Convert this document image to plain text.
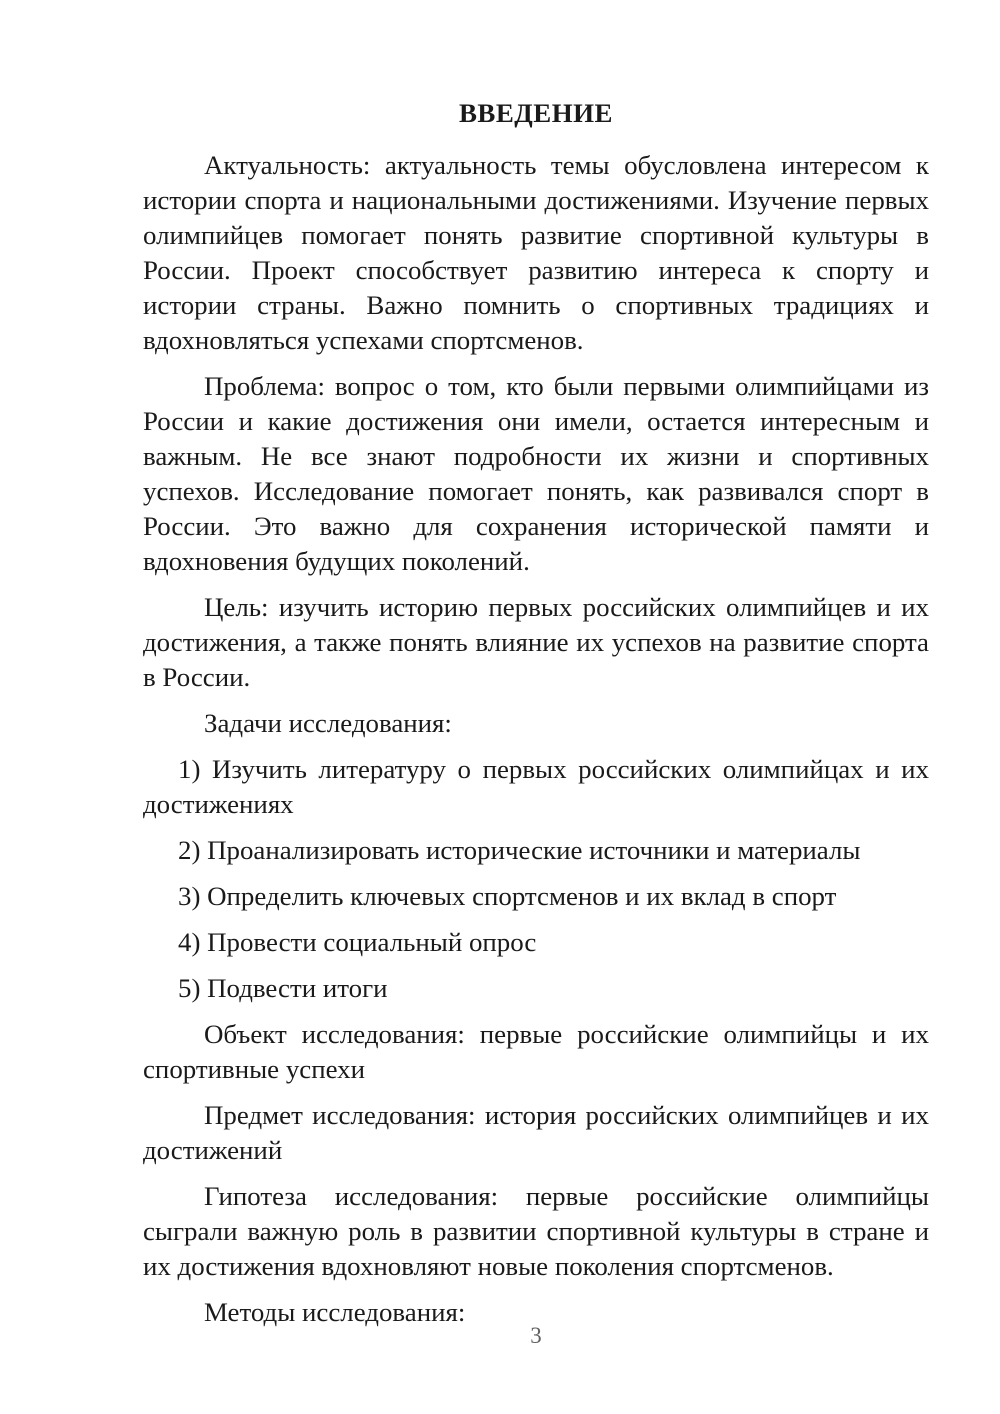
ВВЕДЕНИЕ

Актуальность: актуальность темы обусловлена интересом к истории спорта и национальными достижениями. Изучение первых олимпийцев помогает понять развитие спортивной культуры в России. Проект способствует развитию интереса к спорту и истории страны. Важно помнить о спортивных традициях и вдохновляться успехами спортсменов.

Проблема: вопрос о том, кто были первыми олимпийцами из России и какие достижения они имели, остается интересным и важным. Не все знают подробности их жизни и спортивных успехов. Исследование помогает понять, как развивался спорт в России. Это важно для сохранения исторической памяти и вдохновения будущих поколений.

Цель: изучить историю первых российских олимпийцев и их достижения, а также понять влияние их успехов на развитие спорта в России.

Задачи исследования:

1) Изучить литературу о первых российских олимпийцах и их достижениях

2) Проанализировать исторические источники и материалы

3) Определить ключевых спортсменов и их вклад в спорт

4) Провести социальный опрос

5) Подвести итоги

Объект исследования: первые российские олимпийцы и их спортивные успехи

Предмет исследования: история российских олимпийцев и их достижений

Гипотеза исследования: первые российские олимпийцы сыграли важную роль в развитии спортивной культуры в стране и их достижения вдохновляют новые поколения спортсменов.

Методы исследования:

3
